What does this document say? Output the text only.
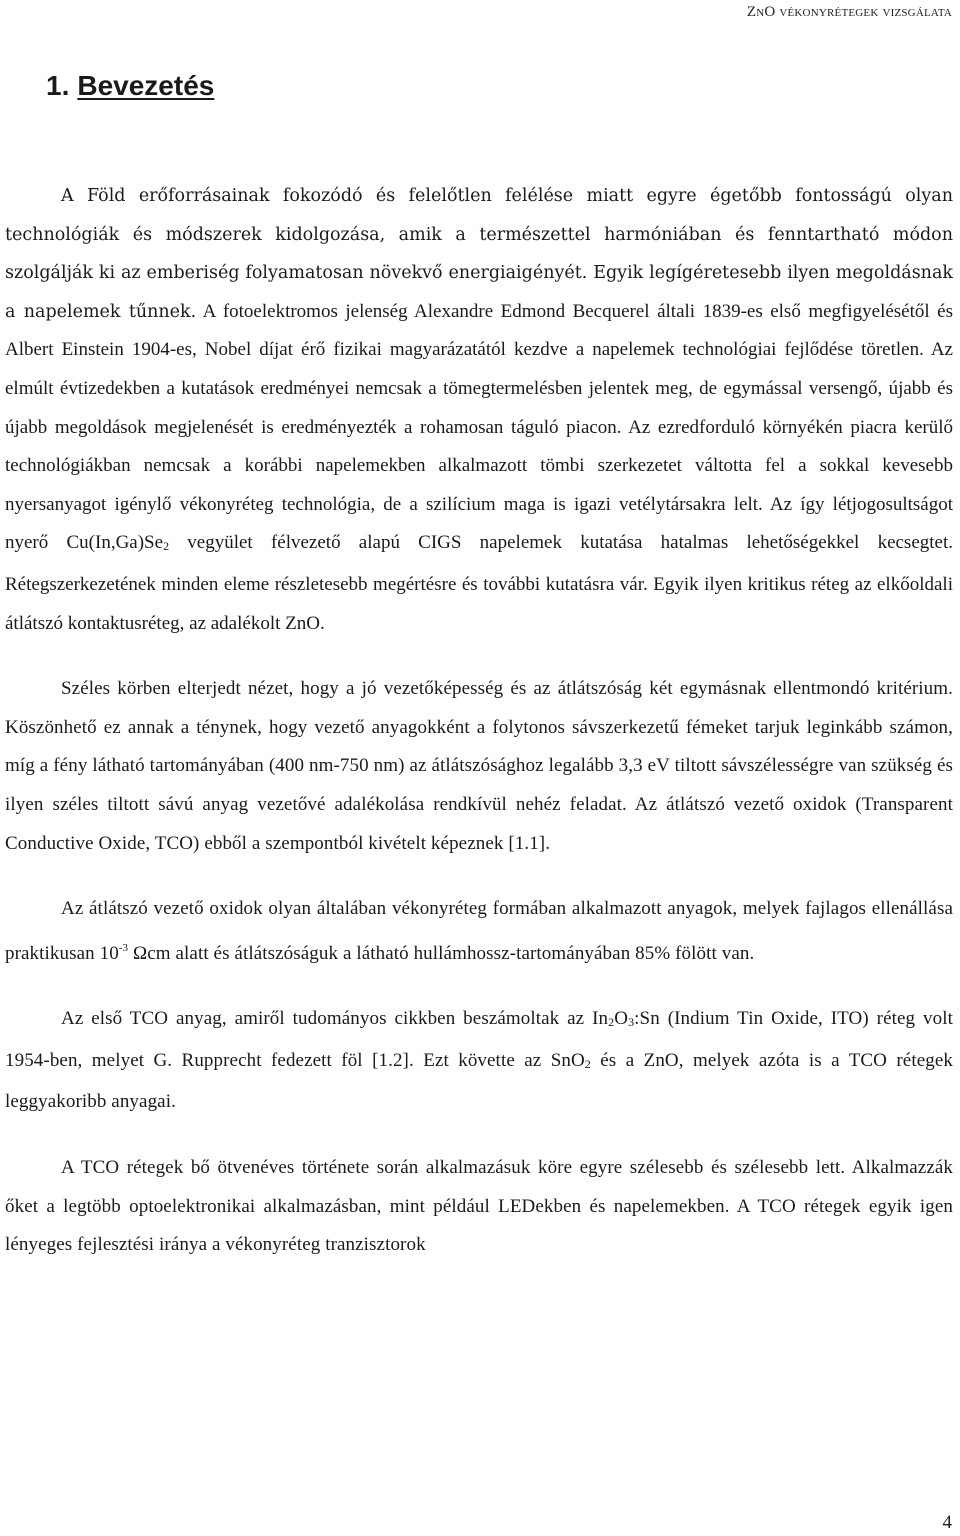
ZnO vékonyrétegek vizsgálata
1. Bevezetés

A Föld erőforrásainak fokozódó és felelőtlen felélése miatt egyre égetőbb fontosságú olyan technológiák és módszerek kidolgozása, amik a természettel harmóniában és fenntartható módon szolgálják ki az emberiség folyamatosan növekvő energiaigényét. Egyik legígéretesebb ilyen megoldásnak a napelemek tűnnek. A fotoelektromos jelenség Alexandre Edmond Becquerel általi 1839-es első megfigyelésétől és Albert Einstein 1904-es, Nobel díjat érő fizikai magyarázatától kezdve a napelemek technológiai fejlődése töretlen. Az elmúlt évtizedekben a kutatások eredményei nemcsak a tömegtermelésben jelentek meg, de egymással versengő, újabb és újabb megoldások megjelenését is eredményezték a rohamosan táguló piacon. Az ezredforduló környékén piacra kerülő technológiákban nemcsak a korábbi napelemekben alkalmazott tömbi szerkezetet váltotta fel a sokkal kevesebb nyersanyagot igénylő vékonyréteg technológia, de a szilícium maga is igazi vetélytársakra lelt. Az így létjogosultságot nyerő Cu(In,Ga)Se2 vegyület félvezető alapú CIGS napelemek kutatása hatalmas lehetőségekkel kecsegtet. Rétegszerkezetének minden eleme részletesebb megértésre és további kutatásra vár. Egyik ilyen kritikus réteg az elkőoldali átlátszó kontaktusréteg, az adalékolt ZnO.

Széles körben elterjedt nézet, hogy a jó vezetőképesség és az átlátszóság két egymásnak ellentmondó kritérium. Köszönhető ez annak a ténynek, hogy vezető anyagokként a folytonos sávszerkezetű fémeket tarjuk leginkább számon, míg a fény látható tartományában (400 nm-750 nm) az átlátszósághoz legalább 3,3 eV tiltott sávszélességre van szükség és ilyen széles tiltott sávú anyag vezetővé adalékolása rendkívül nehéz feladat. Az átlátszó vezető oxidok (Transparent Conductive Oxide, TCO) ebből a szempontból kivételt képeznek [1.1].

Az átlátszó vezető oxidok olyan általában vékonyréteg formában alkalmazott anyagok, melyek fajlagos ellenállása praktikusan $10^{-3}$ Ωcm alatt és átlátszóságuk a látható hullámhossz-tartományában 85% fölött van.

Az első TCO anyag, amiről tudományos cikkben beszámoltak az In2O3:Sn (Indium Tin Oxide, ITO) réteg volt 1954-ben, melyet G. Rupprecht fedezett föl [1.2]. Ezt követte az SnO2 és a ZnO, melyek azóta is a TCO rétegek leggyakoribb anyagai.

A TCO rétegek bő ötvenéves története során alkalmazásuk köre egyre szélesebb és szélesebb lett. Alkalmazzák őket a legtöbb optoelektronikai alkalmazásban, mint például LEDekben és napelemekben. A TCO rétegek egyik igen lényeges fejlesztési iránya a vékonyréteg tranzisztorok

4
